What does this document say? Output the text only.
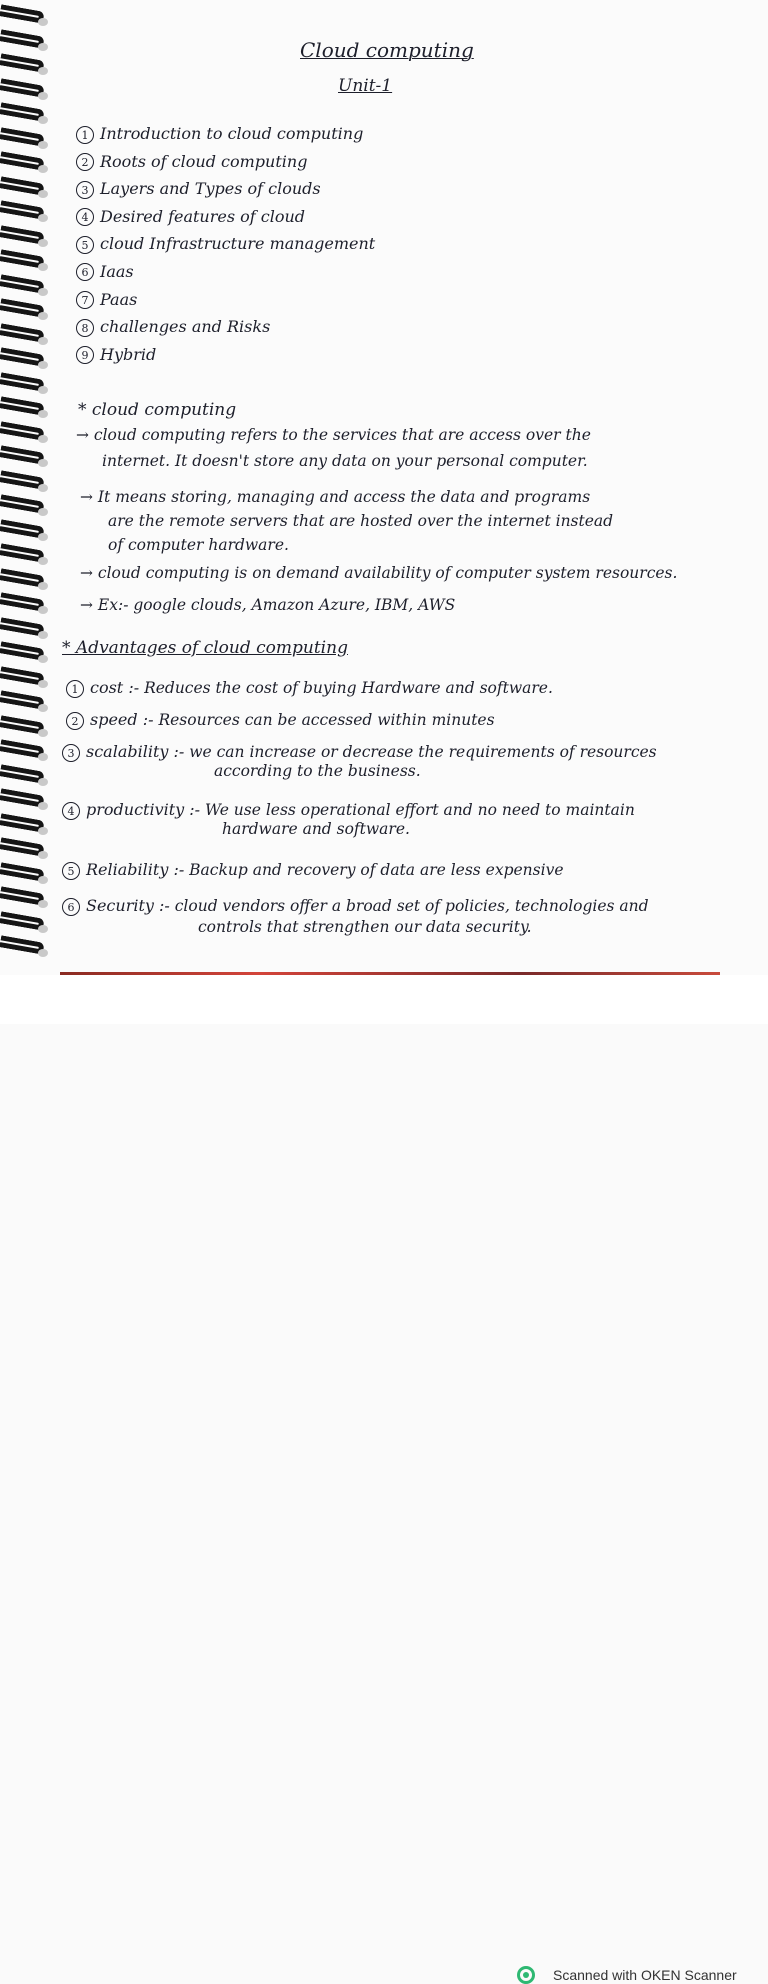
Cloud computing
Unit-1
1 Introduction to cloud computing
2 Roots of cloud computing
3 Layers and Types of clouds
4 Desired features of cloud
5 cloud Infrastructure management
6 Iaas
7 Paas
8 challenges and Risks
9 Hybrid
* cloud computing
→ cloud computing refers to the services that are access over the
internet. It doesn't store any data on your personal computer.
→ It means storing, managing and access the data and programs
are the remote servers that are hosted over the internet instead
of computer hardware.
→ cloud computing is on demand availability of computer system resources.
→ Ex:- google clouds, Amazon Azure, IBM, AWS
* Advantages of cloud computing
1 cost :- Reduces the cost of buying Hardware and software.
2 speed :- Resources can be accessed within minutes
3 scalability :- we can increase or decrease the requirements of resources
according to the business.
4 productivity :- We use less operational effort and no need to maintain
hardware and software.
5 Reliability :- Backup and recovery of data are less expensive
6 Security :- cloud vendors offer a broad set of policies, technologies and
controls that strengthen our data security.
Scanned with OKEN Scanner
